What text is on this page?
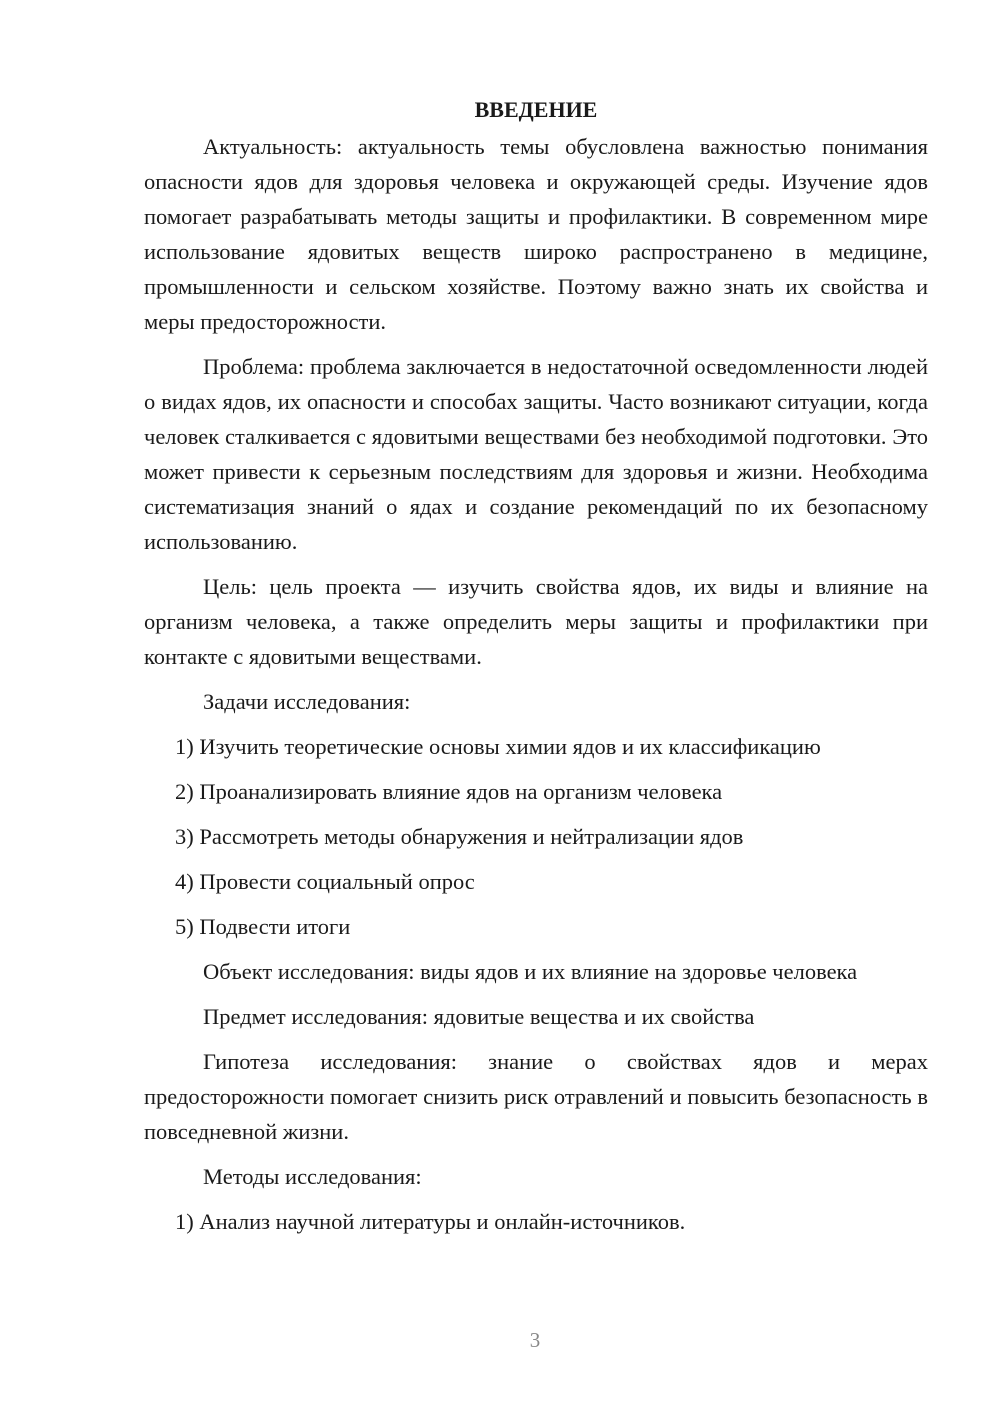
ВВЕДЕНИЕ

Актуальность: актуальность темы обусловлена важностью понимания опасности ядов для здоровья человека и окружающей среды. Изучение ядов помогает разрабатывать методы защиты и профилактики. В современном мире использование ядовитых веществ широко распространено в медицине, промышленности и сельском хозяйстве. Поэтому важно знать их свойства и меры предосторожности.

Проблема: проблема заключается в недостаточной осведомленности людей о видах ядов, их опасности и способах защиты. Часто возникают ситуации, когда человек сталкивается с ядовитыми веществами без необходимой подготовки. Это может привести к серьезным последствиям для здоровья и жизни. Необходима систематизация знаний о ядах и создание рекомендаций по их безопасному использованию.

Цель: цель проекта — изучить свойства ядов, их виды и влияние на организм человека, а также определить меры защиты и профилактики при контакте с ядовитыми веществами.

Задачи исследования:
1) Изучить теоретические основы химии ядов и их классификацию
2) Проанализировать влияние ядов на организм человека
3) Рассмотреть методы обнаружения и нейтрализации ядов
4) Провести социальный опрос
5) Подвести итоги
Объект исследования: виды ядов и их влияние на здоровье человека
Предмет исследования: ядовитые вещества и их свойства

Гипотеза исследования: знание о свойствах ядов и мерах предосторожности помогает снизить риск отравлений и повысить безопасность в повседневной жизни.

Методы исследования:
1) Анализ научной литературы и онлайн-источников.
3
